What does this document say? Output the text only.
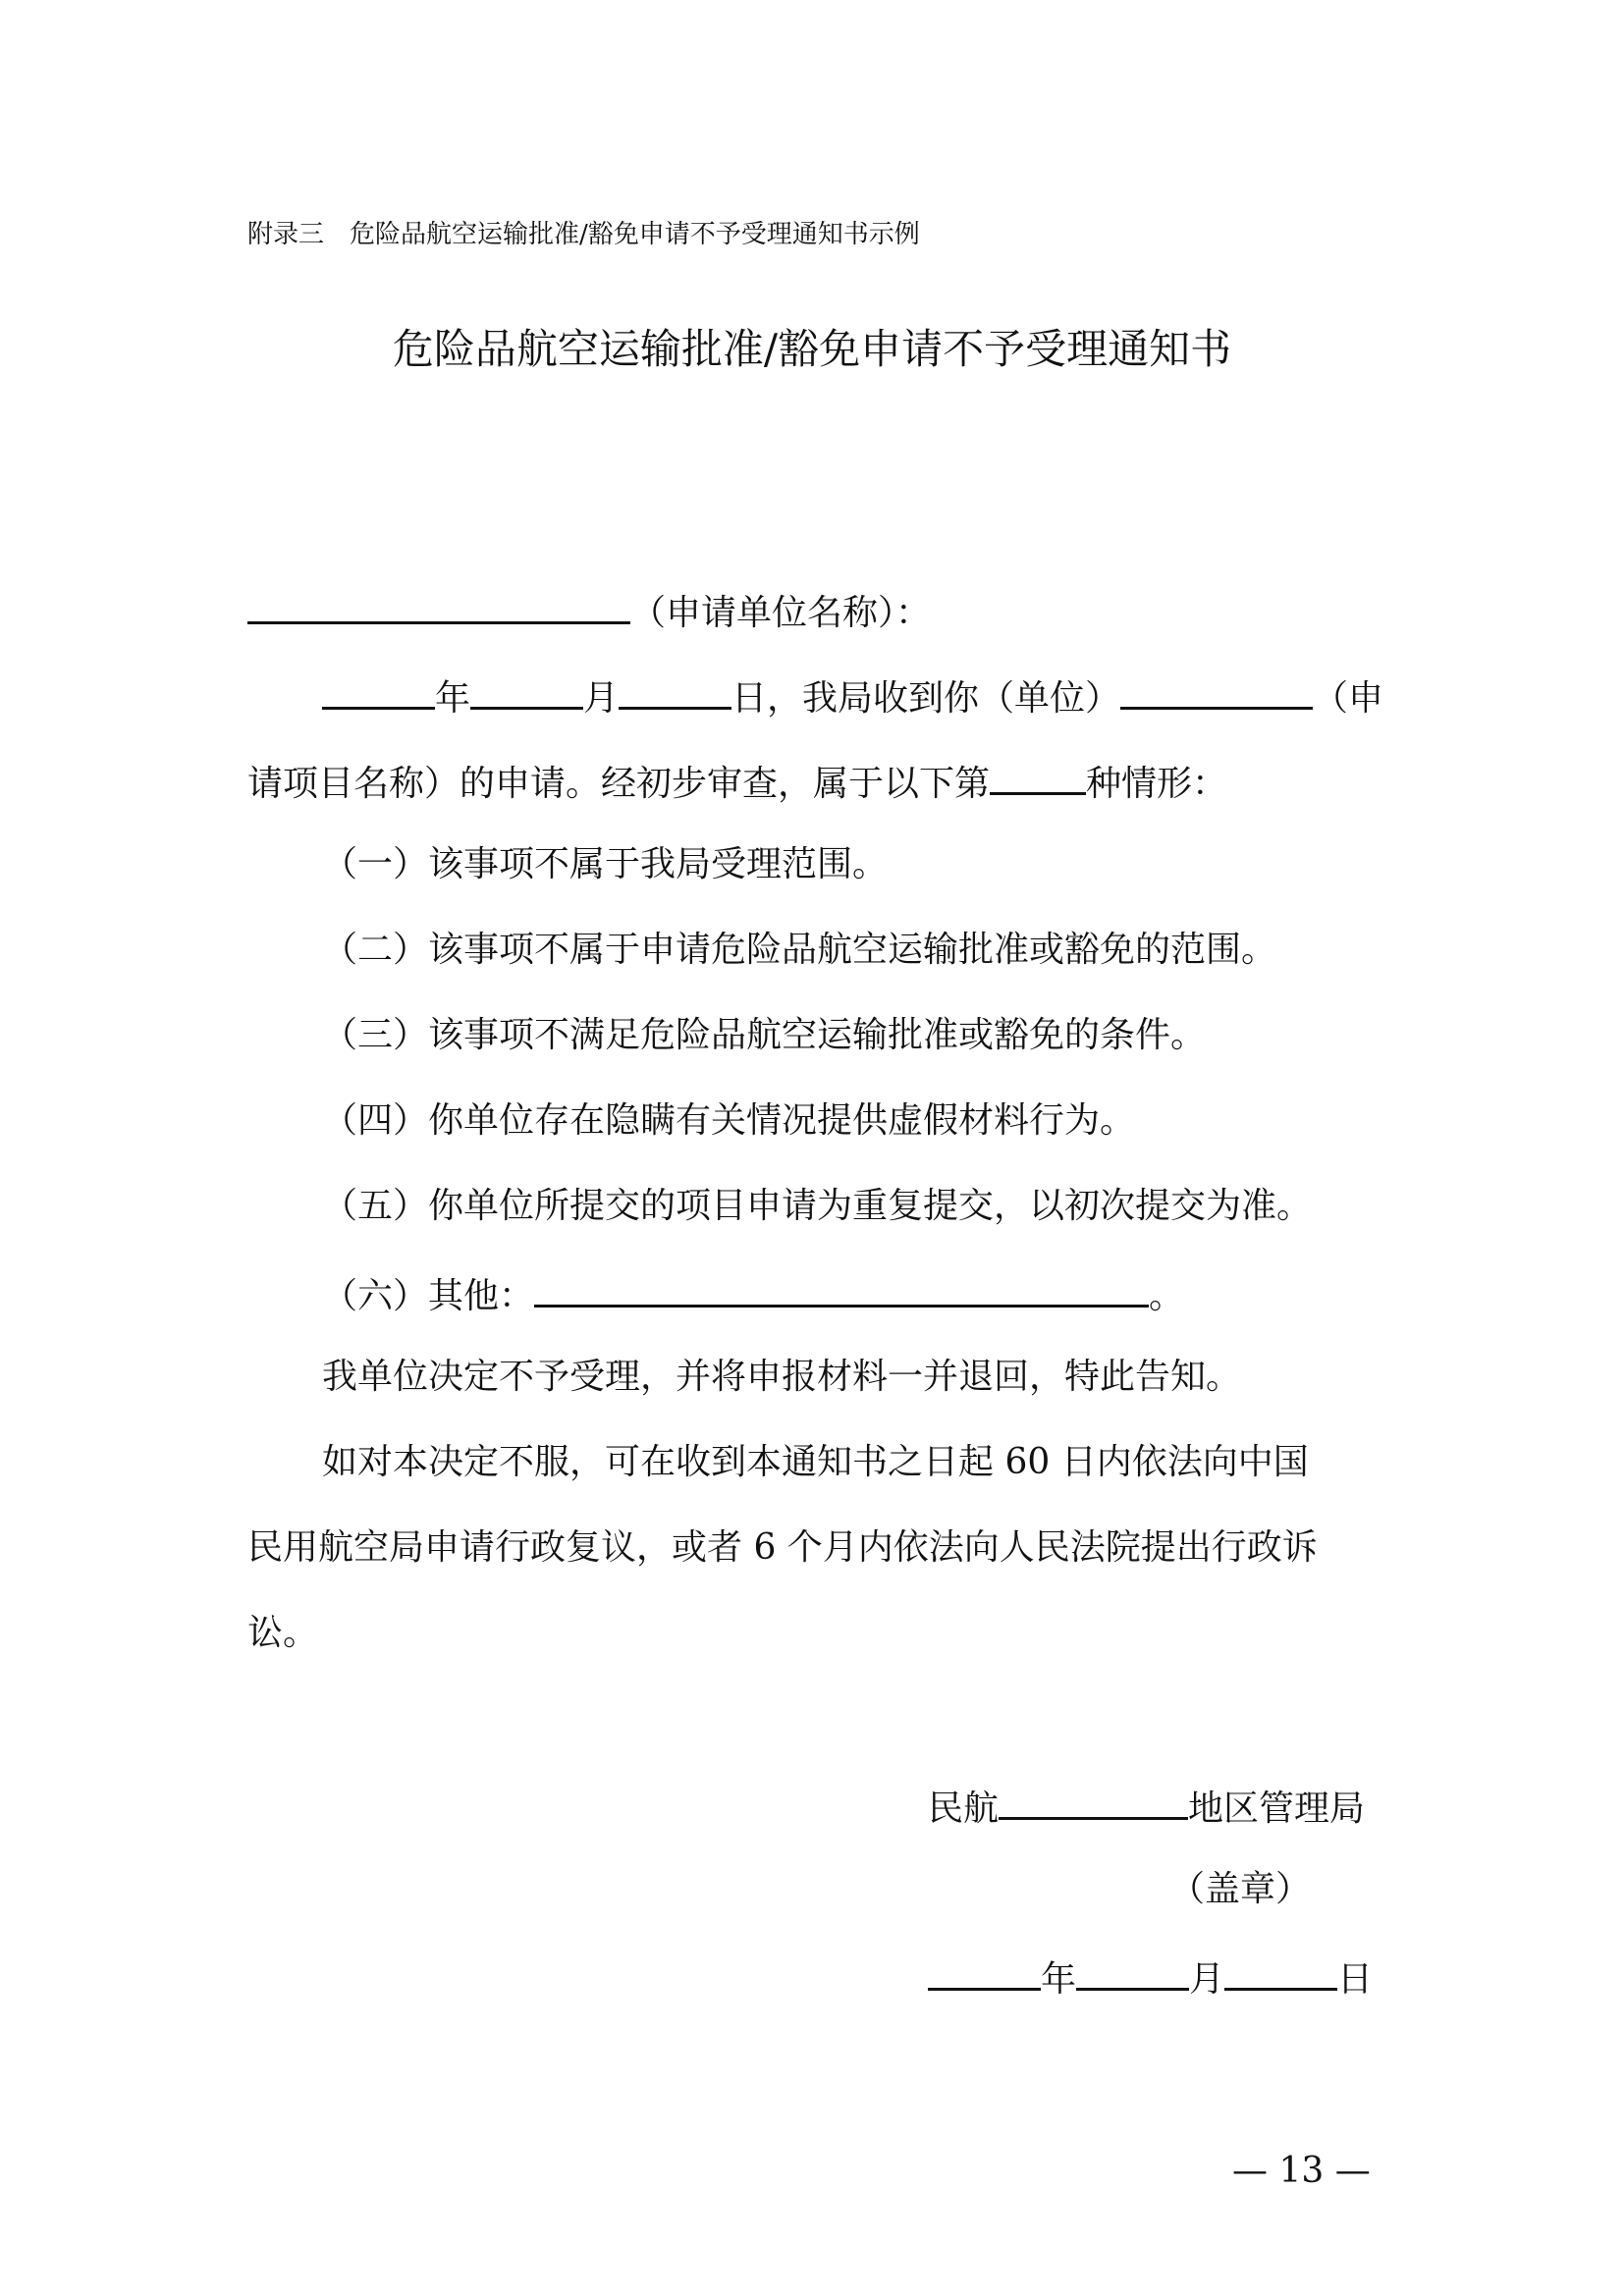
附录三　危险品航空运输批准/豁免申请不予受理通知书示例
危险品航空运输批准/豁免申请不予受理通知书
（申请单位名称）：
年	月	日，我局收到你（单位）	（申
请项目名称）的申请。经初步审查，属于以下第	种情形：
（一）该事项不属于我局受理范围。
（二）该事项不属于申请危险品航空运输批准或豁免的范围。
（三）该事项不满足危险品航空运输批准或豁免的条件。
（四）你单位存在隐瞒有关情况提供虚假材料行为。
（五）你单位所提交的项目申请为重复提交，以初次提交为准。
（六）其他：	。
我单位决定不予受理，并将申报材料一并退回，特此告知。
如对本决定不服，可在收到本通知书之日起 60 日内依法向中国
民用航空局申请行政复议，或者 6 个月内依法向人民法院提出行政诉
讼。
民航	地区管理局
（盖章）
年	月	日
— 13 —
